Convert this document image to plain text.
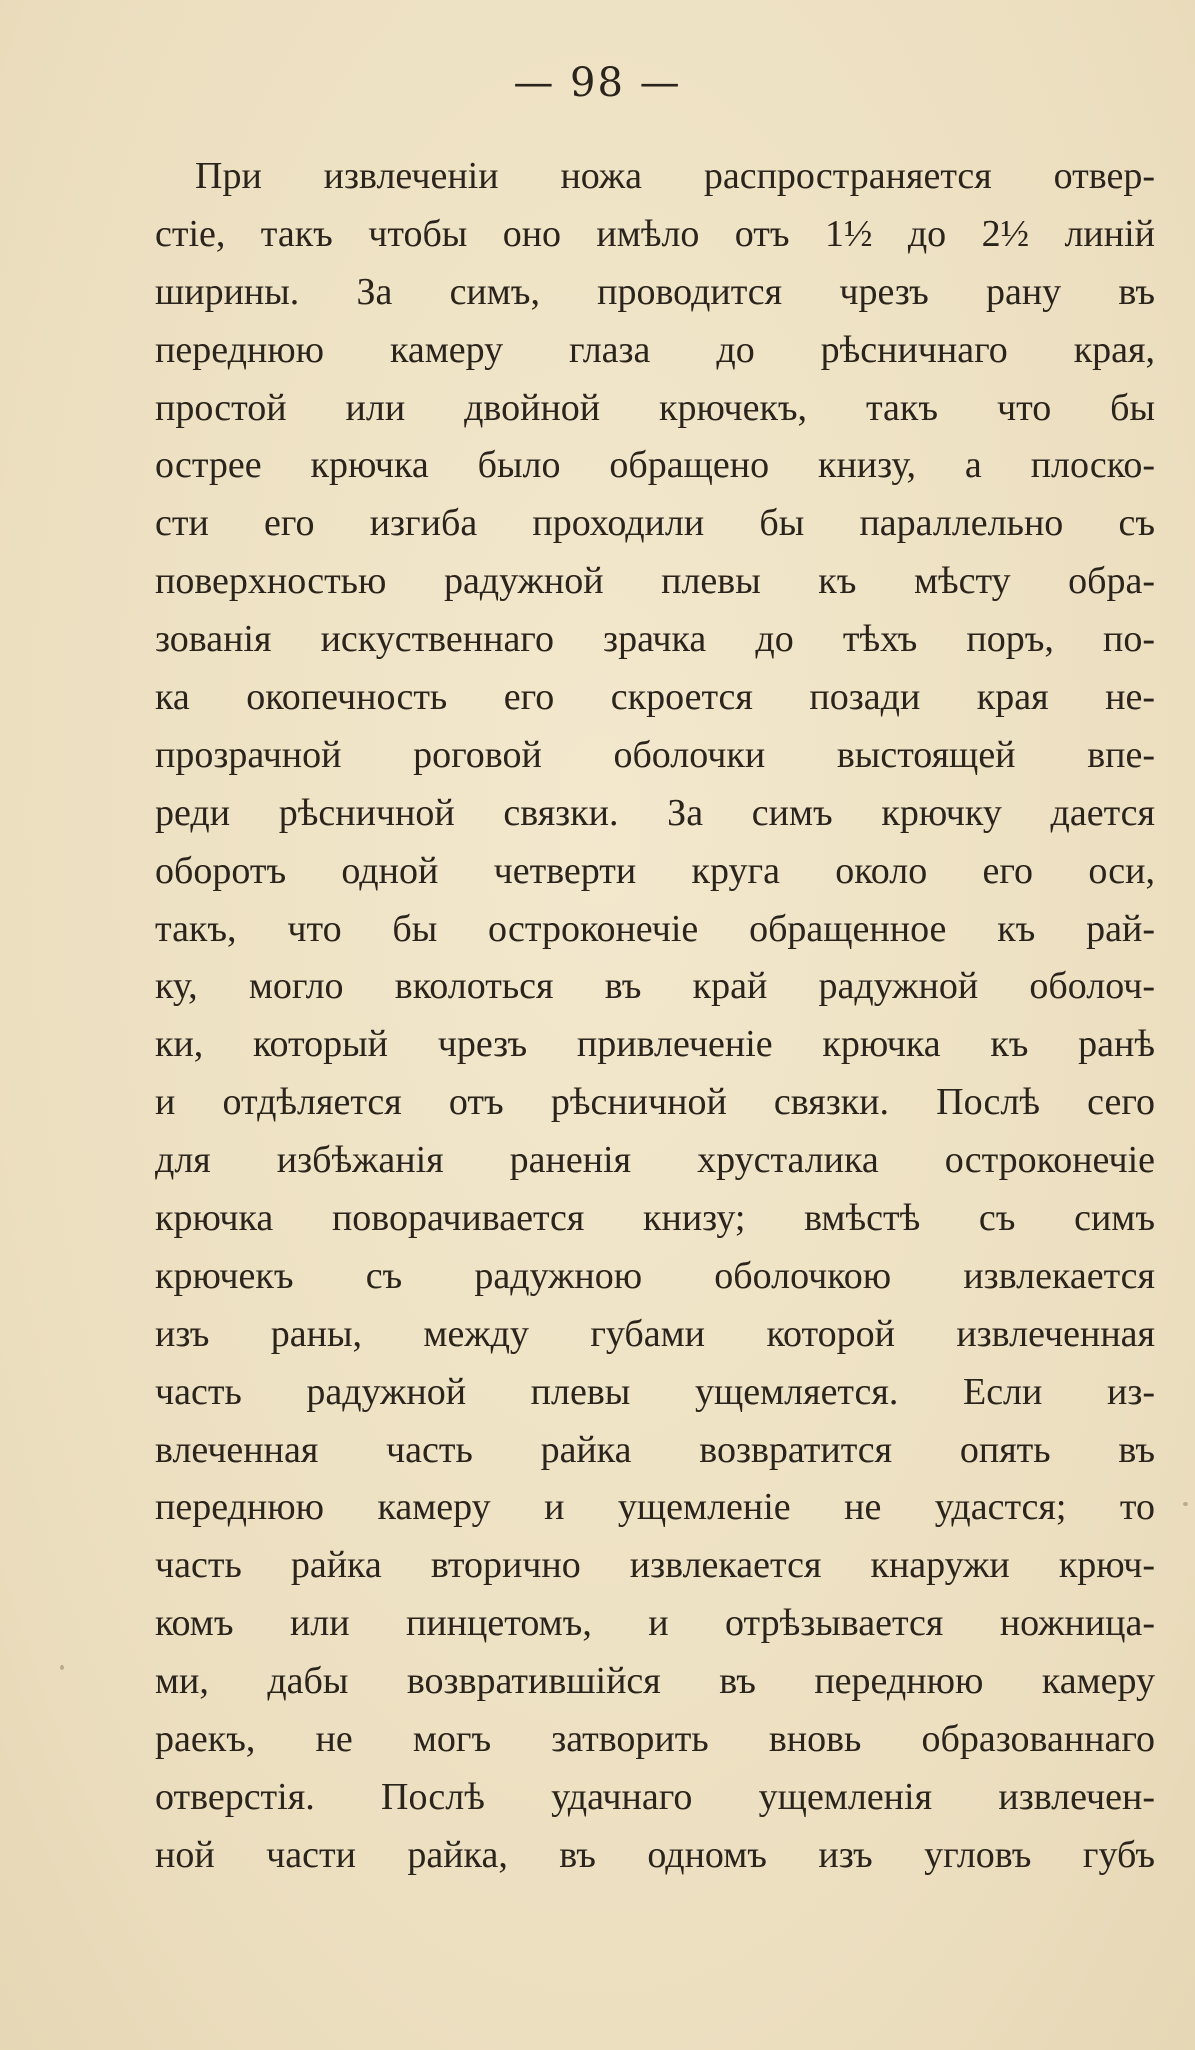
— 98 —
При извлеченіи ножа распространяется отвер-
стіе, такъ чтобы оно имѣло отъ 1½ до 2½ линій
ширины. За симъ, проводится чрезъ рану въ
переднюю камеру глаза до рѣсничнаго края,
простой или двойной крючекъ, такъ что бы
острее крючка было обращено книзу, а плоско-
сти его изгиба проходили бы параллельно съ
поверхностью радужной плевы къ мѣсту обра-
зованія искуственнаго зрачка до тѣхъ поръ, по-
ка окопечность его скроется позади края не-
прозрачной роговой оболочки выстоящей впе-
реди рѣсничной связки. За симъ крючку дается
оборотъ одной четверти круга около его оси,
такъ, что бы остроконечіе обращенное къ рай-
ку, могло вколоться въ край радужной оболоч-
ки, который чрезъ привлеченіе крючка къ ранѣ
и отдѣляется отъ рѣсничной связки. Послѣ сего
для избѣжанія раненія хрусталика остроконечіе
крючка поворачивается книзу; вмѣстѣ съ симъ
крючекъ съ радужною оболочкою извлекается
изъ раны, между губами которой извлеченная
часть радужной плевы ущемляется. Если из-
влеченная часть райка возвратится опять въ
переднюю камеру и ущемленіе не удастся; то
часть райка вторично извлекается кнаружи крюч-
комъ или пинцетомъ, и отрѣзывается ножница-
ми, дабы возвратившійся въ переднюю камеру
раекъ, не могъ затворить вновь образованнаго
отверстія. Послѣ удачнаго ущемленія извлечен-
ной части райка, въ одномъ изъ угловъ губъ
